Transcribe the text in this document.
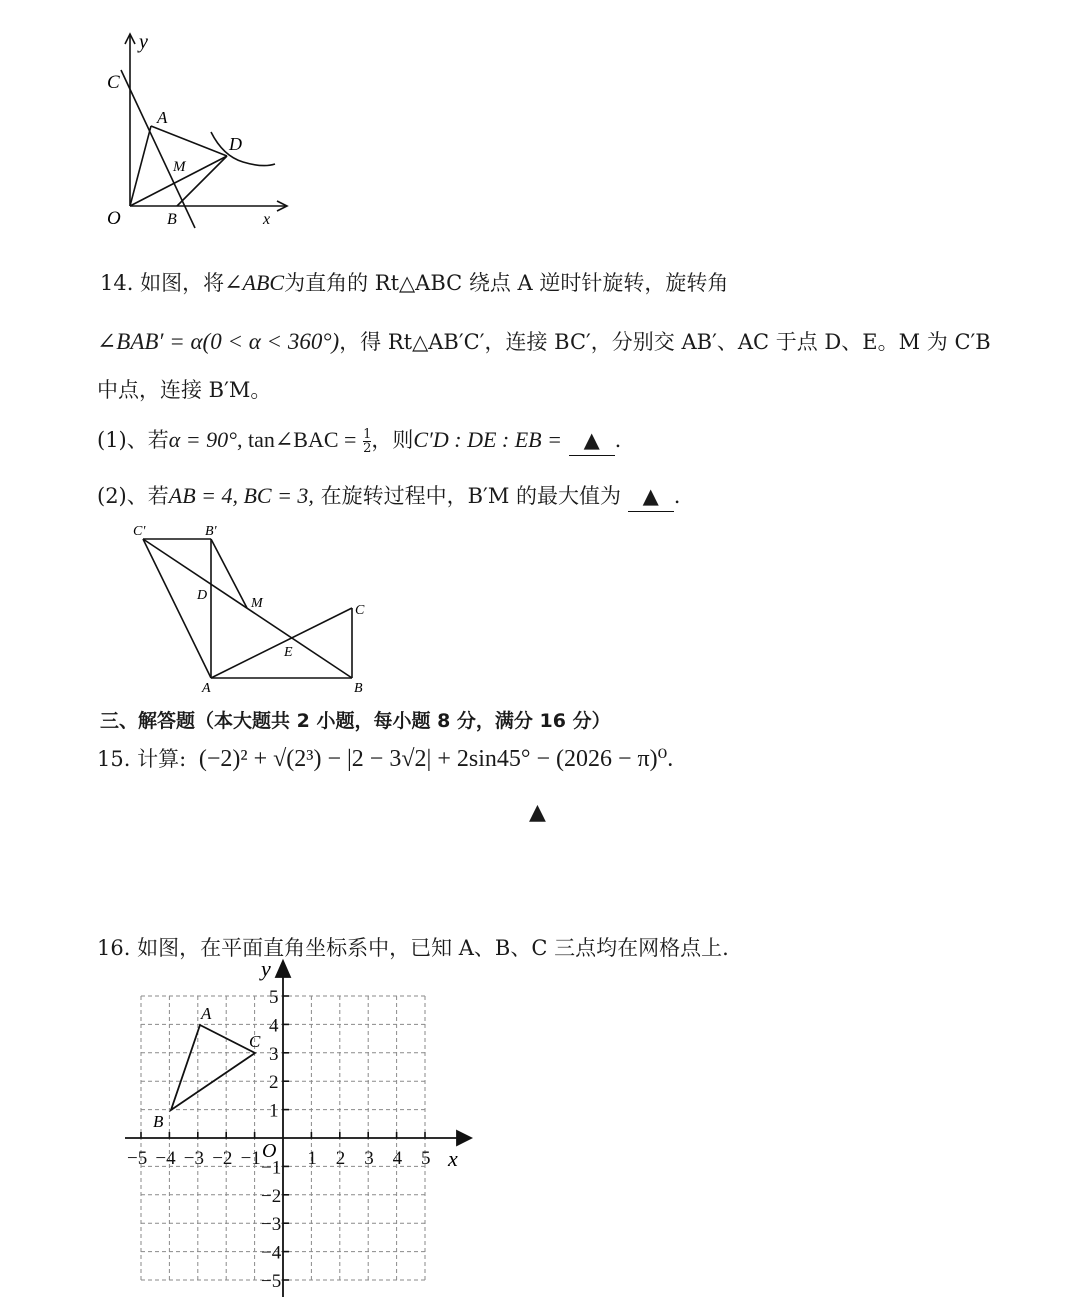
y
C
A
D
M
O	B	x
14. 如图，将∠ABC为直角的 Rt△ABC 绕点 A 逆时针旋转，旋转角
∠BAB′ = α(0 < α < 360°)，得 Rt△AB′C′，连接 BC′，分别交 AB′、AC 于点 D、E。M 为 C′B
中点，连接 B′M。
(1)、若α = 90°, tan∠BAC = $\frac{1}{2}$ ，则C′D : DE : EB = ▲ .
(2)、若AB = 4, BC = 3, 在旋转过程中，B′M 的最大值为 ▲ .
C'	B'
D
M	C
E
A	B
三、解答题（本大题共 2 小题，每小题 8 分，满分 16 分）
15. 计算: (−2)² + √(2³) − |2 − 3√2| + 2sin45° − (2026 − π)⁰.
▲
16. 如图，在平面直角坐标系中，已知 A、B、C 三点均在网格点上.
−5 −4 −3 −2 −1 1 2 3 4 5
5
4
3
2
1
−1
−2
−3
−4
−5
x
y
O
A
C
B
